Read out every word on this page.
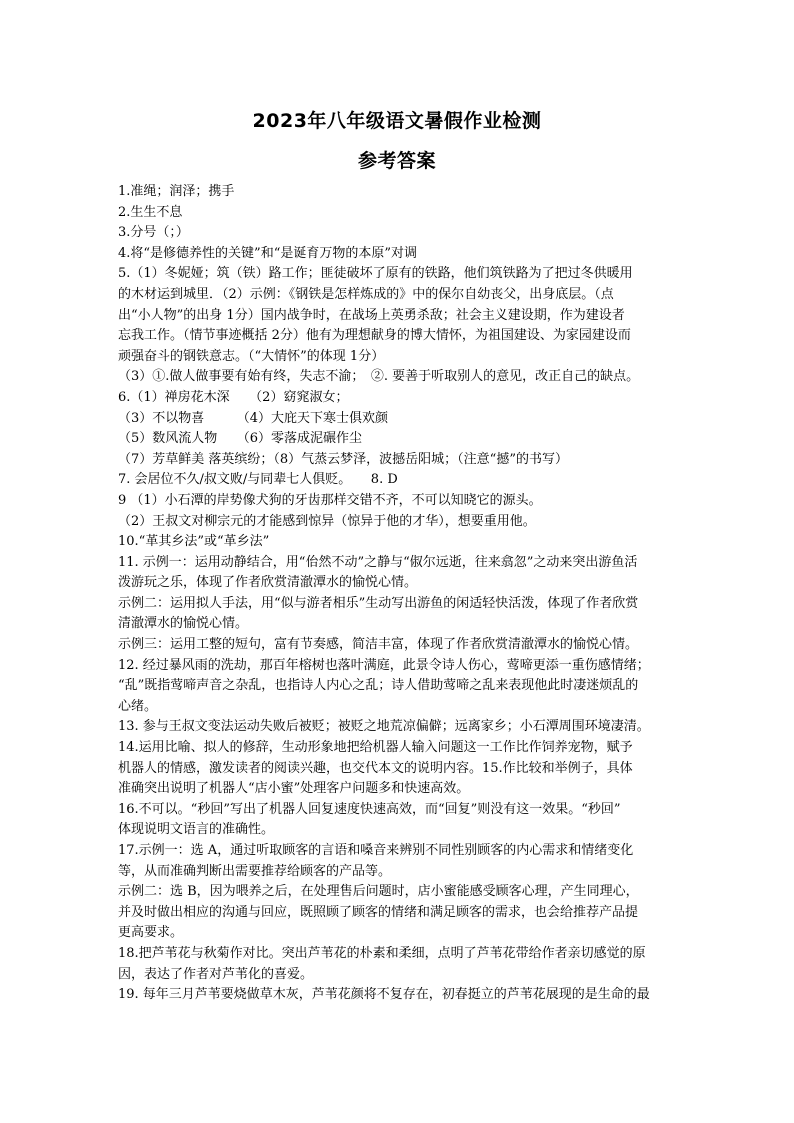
2023年八年级语文暑假作业检测
参考答案
1.准绳；润泽；携手
2.生生不息
3.分号（；）
4.将“是修德养性的关键”和“是诞育万物的本原”对调
5.（1）冬妮娅；筑（铁）路工作；匪徒破坏了原有的铁路，他们筑铁路为了把过冬供暖用
的木材运到城里．（2）示例：《钢铁是怎样炼成的》中的保尔自幼丧父，出身底层。（点
出“小人物”的出身 1分）国内战争时，在战场上英勇杀敌；社会主义建设期，作为建设者
忘我工作。（情节事迹概括 2分）他有为理想献身的博大情怀，为祖国建设、为家园建设而
顽强奋斗的钢铁意志。（“大情怀”的体现 1分）
（3）①.做人做事要有始有终，失志不渝；　②. 要善于听取别人的意见，改正自己的缺点。
6.（1）禅房花木深　　（2）窈窕淑女；
（3）不以物喜　　　（4）大庇天下寒士俱欢颜
（5）数风流人物　　（6）零落成泥碾作尘
（7）芳草鲜美 落英缤纷；（8）气蒸云梦泽，波撼岳阳城；（注意“撼”的书写）
7. 会居位不久/叔文败/与同辈七人俱贬。　　8. D
9 （1）小石潭的岸势像犬狗的牙齿那样交错不齐，不可以知晓它的源头。
（2）王叔文对柳宗元的才能感到惊异（惊异于他的才华），想要重用他。
10.“革其乡法”或“革乡法”
11. 示例一：运用动静结合，用“佁然不动”之静与“俶尔远逝，往来翕忽”之动来突出游鱼活
泼游玩之乐，体现了作者欣赏清澈潭水的愉悦心情。
示例二：运用拟人手法，用“似与游者相乐”生动写出游鱼的闲适轻快活泼，体现了作者欣赏
清澈潭水的愉悦心情。
示例三：运用工整的短句，富有节奏感，简洁丰富，体现了作者欣赏清澈潭水的愉悦心情。
12. 经过暴风雨的洗劫，那百年榕树也落叶满庭，此景令诗人伤心，莺啼更添一重伤感情绪；
“乱”既指莺啼声音之杂乱，也指诗人内心之乱；诗人借助莺啼之乱来表现他此时凄迷烦乱的
心绪。
13. 参与王叔文变法运动失败后被贬；被贬之地荒凉偏僻；远离家乡；小石潭周围环境凄清。
14.运用比喻、拟人的修辞，生动形象地把给机器人输入问题这一工作比作饲养宠物，赋予
机器人的情感，激发读者的阅读兴趣，也交代本文的说明内容。15.作比较和举例子，具体
准确突出说明了机器人“店小蜜”处理客户问题多和快速高效。
16.不可以。“秒回”写出了机器人回复速度快速高效，而“回复”则没有这一效果。“秒回”
体现说明文语言的准确性。
17.示例一：选 A，通过听取顾客的言语和嗓音来辨别不同性别顾客的内心需求和情绪变化
等，从而准确判断出需要推荐给顾客的产品等。
示例二：选 B，因为喂养之后，在处理售后问题时，店小蜜能感受顾客心理，产生同理心，
并及时做出相应的沟通与回应，既照顾了顾客的情绪和满足顾客的需求，也会给推荐产品提
更高要求。
18.把芦苇花与秋菊作对比。突出芦苇花的朴素和柔细，点明了芦苇花带给作者亲切感觉的原
因，表达了作者对芦苇化的喜爱。
19. 每年三月芦苇要烧做草木灰，芦苇花颜将不复存在，初春挺立的芦苇花展现的是生命的最
